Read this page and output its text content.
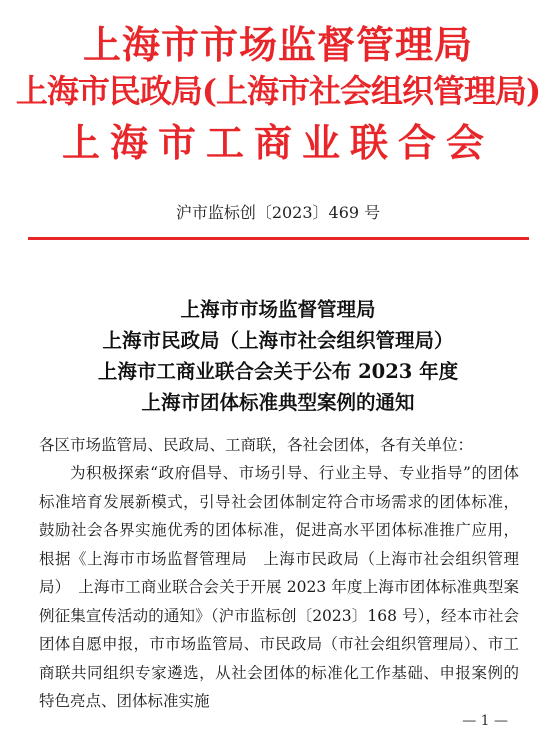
上海市市场监督管理局
上海市民政局(上海市社会组织管理局)
上海市工商业联合会
沪市监标创〔2023〕469 号
上海市市场监督管理局
上海市民政局（上海市社会组织管理局）
上海市工商业联合会关于公布 2023 年度
上海市团体标准典型案例的通知
各区市场监管局、民政局、工商联，各社会团体，各有关单位：
为积极探索“政府倡导、市场引导、行业主导、专业指导”的团体标准培育发展新模式，引导社会团体制定符合市场需求的团体标准，鼓励社会各界实施优秀的团体标准，促进高水平团体标准推广应用，根据《上海市市场监督管理局　上海市民政局（上海市社会组织管理局）　上海市工商业联合会关于开展 2023 年度上海市团体标准典型案例征集宣传活动的通知》（沪市监标创〔2023〕168 号），经本市社会团体自愿申报，市市场监管局、市民政局（市社会组织管理局）、市工商联共同组织专家遴选，从社会团体的标准化工作基础、申报案例的特色亮点、团体标准实施
— 1 —
